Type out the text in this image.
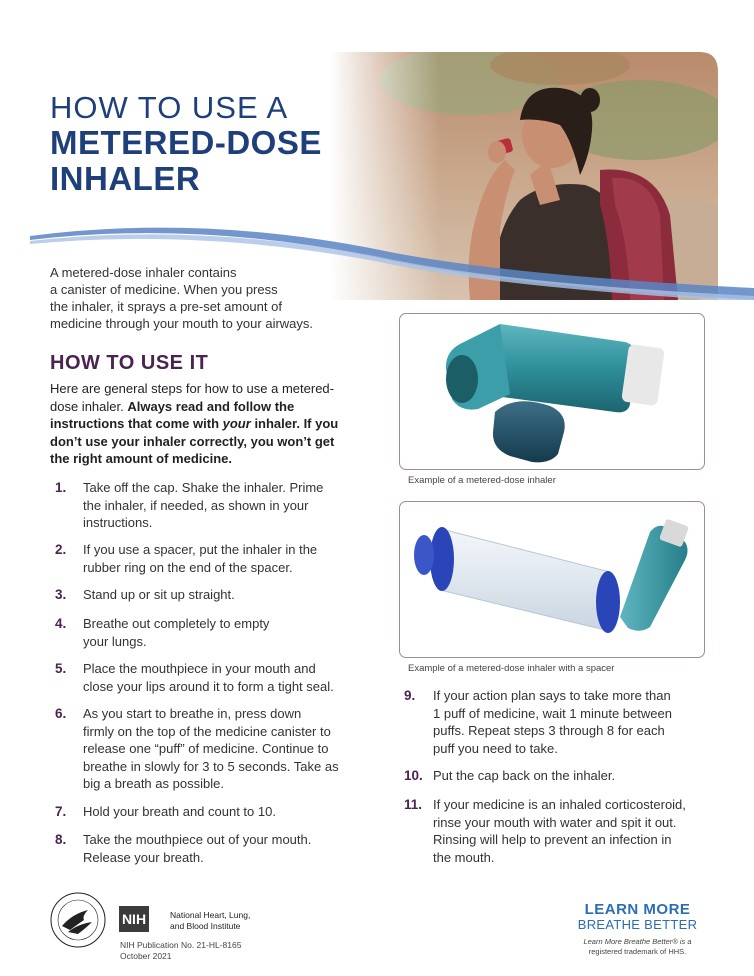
HOW TO USE A
METERED-DOSE
INHALER
A metered-dose inhaler contains
a canister of medicine. When you press
the inhaler, it sprays a pre-set amount of
medicine through your mouth to your airways.
HOW TO USE IT
Here are general steps for how to use a metered-
dose inhaler. Always read and follow the
instructions that come with your inhaler. If you
don’t use your inhaler correctly, you won’t get
the right amount of medicine.
1. Take off the cap. Shake the inhaler. Prime
the inhaler, if needed, as shown in your
instructions.
2. If you use a spacer, put the inhaler in the
rubber ring on the end of the spacer.
3. Stand up or sit up straight.
4. Breathe out completely to empty
your lungs.
5. Place the mouthpiece in your mouth and
close your lips around it to form a tight seal.
6. As you start to breathe in, press down
firmly on the top of the medicine canister to
release one “puff” of medicine. Continue to
breathe in slowly for 3 to 5 seconds. Take as
big a breath as possible.
7. Hold your breath and count to 10.
8. Take the mouthpiece out of your mouth.
Release your breath.
Example of a metered-dose inhaler
Example of a metered-dose inhaler with a spacer
9. If your action plan says to take more than
1 puff of medicine, wait 1 minute between
puffs. Repeat steps 3 through 8 for each
puff you need to take.
10. Put the cap back on the inhaler.
11. If your medicine is an inhaled corticosteroid,
rinse your mouth with water and spit it out.
Rinsing will help to prevent an infection in
the mouth.
NIH	National Heart, Lung,
and Blood Institute
NIH Publication No. 21-HL-8165
October 2021
LEARN MORE
BREATHE BETTER
Learn More Breathe Better® is a
registered trademark of HHS.
